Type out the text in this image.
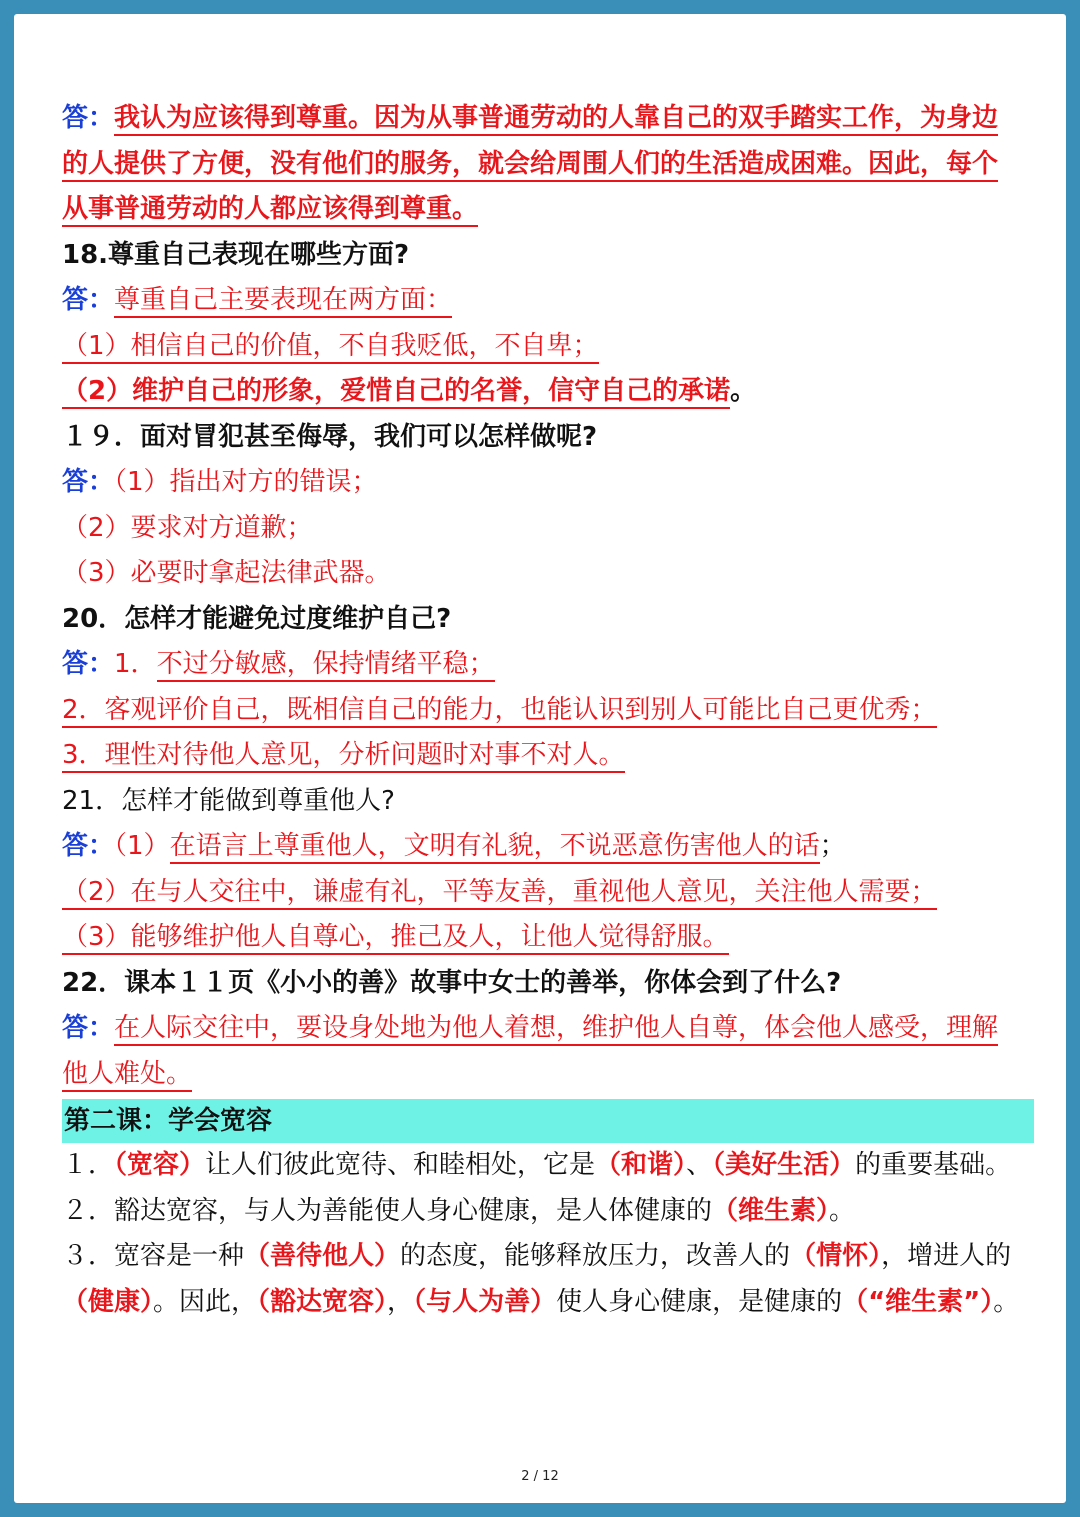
答：我认为应该得到尊重。因为从事普通劳动的人靠自己的双手踏实工作，为身边
的人提供了方便，没有他们的服务，就会给周围人们的生活造成困难。因此，每个
从事普通劳动的人都应该得到尊重。
18.尊重自己表现在哪些方面?
答：尊重自己主要表现在两方面：
（1）相信自己的价值，不自我贬低，不自卑；
（2）维护自己的形象，爱惜自己的名誉，信守自己的承诺。
１９．面对冒犯甚至侮辱，我们可以怎样做呢?
答：（1）指出对方的错误；
（2）要求对方道歉；
（3）必要时拿起法律武器。
20．怎样才能避免过度维护自己?
答：1．不过分敏感，保持情绪平稳；
2．客观评价自己，既相信自己的能力，也能认识到别人可能比自己更优秀；
3．理性对待他人意见，分析问题时对事不对人。
21．怎样才能做到尊重他人?
答：（1）在语言上尊重他人，文明有礼貌，不说恶意伤害他人的话；
（2）在与人交往中，谦虚有礼，平等友善，重视他人意见，关注他人需要；
（3）能够维护他人自尊心，推己及人，让他人觉得舒服。
22．课本１１页《小小的善》故事中女士的善举，你体会到了什么?
答：在人际交往中，要设身处地为他人着想，维护他人自尊，体会他人感受，理解
他人难处。
第二课：学会宽容
１．（宽容）让人们彼此宽待、和睦相处，它是（和谐）、（美好生活）的重要基础。
２．豁达宽容，与人为善能使人身心健康，是人体健康的（维生素）。
３．宽容是一种（善待他人）的态度，能够释放压力，改善人的（情怀），增进人的（健康）。因此，（豁达宽容），（与人为善）使人身心健康，是健康的（“维生素”）。
2 / 12
